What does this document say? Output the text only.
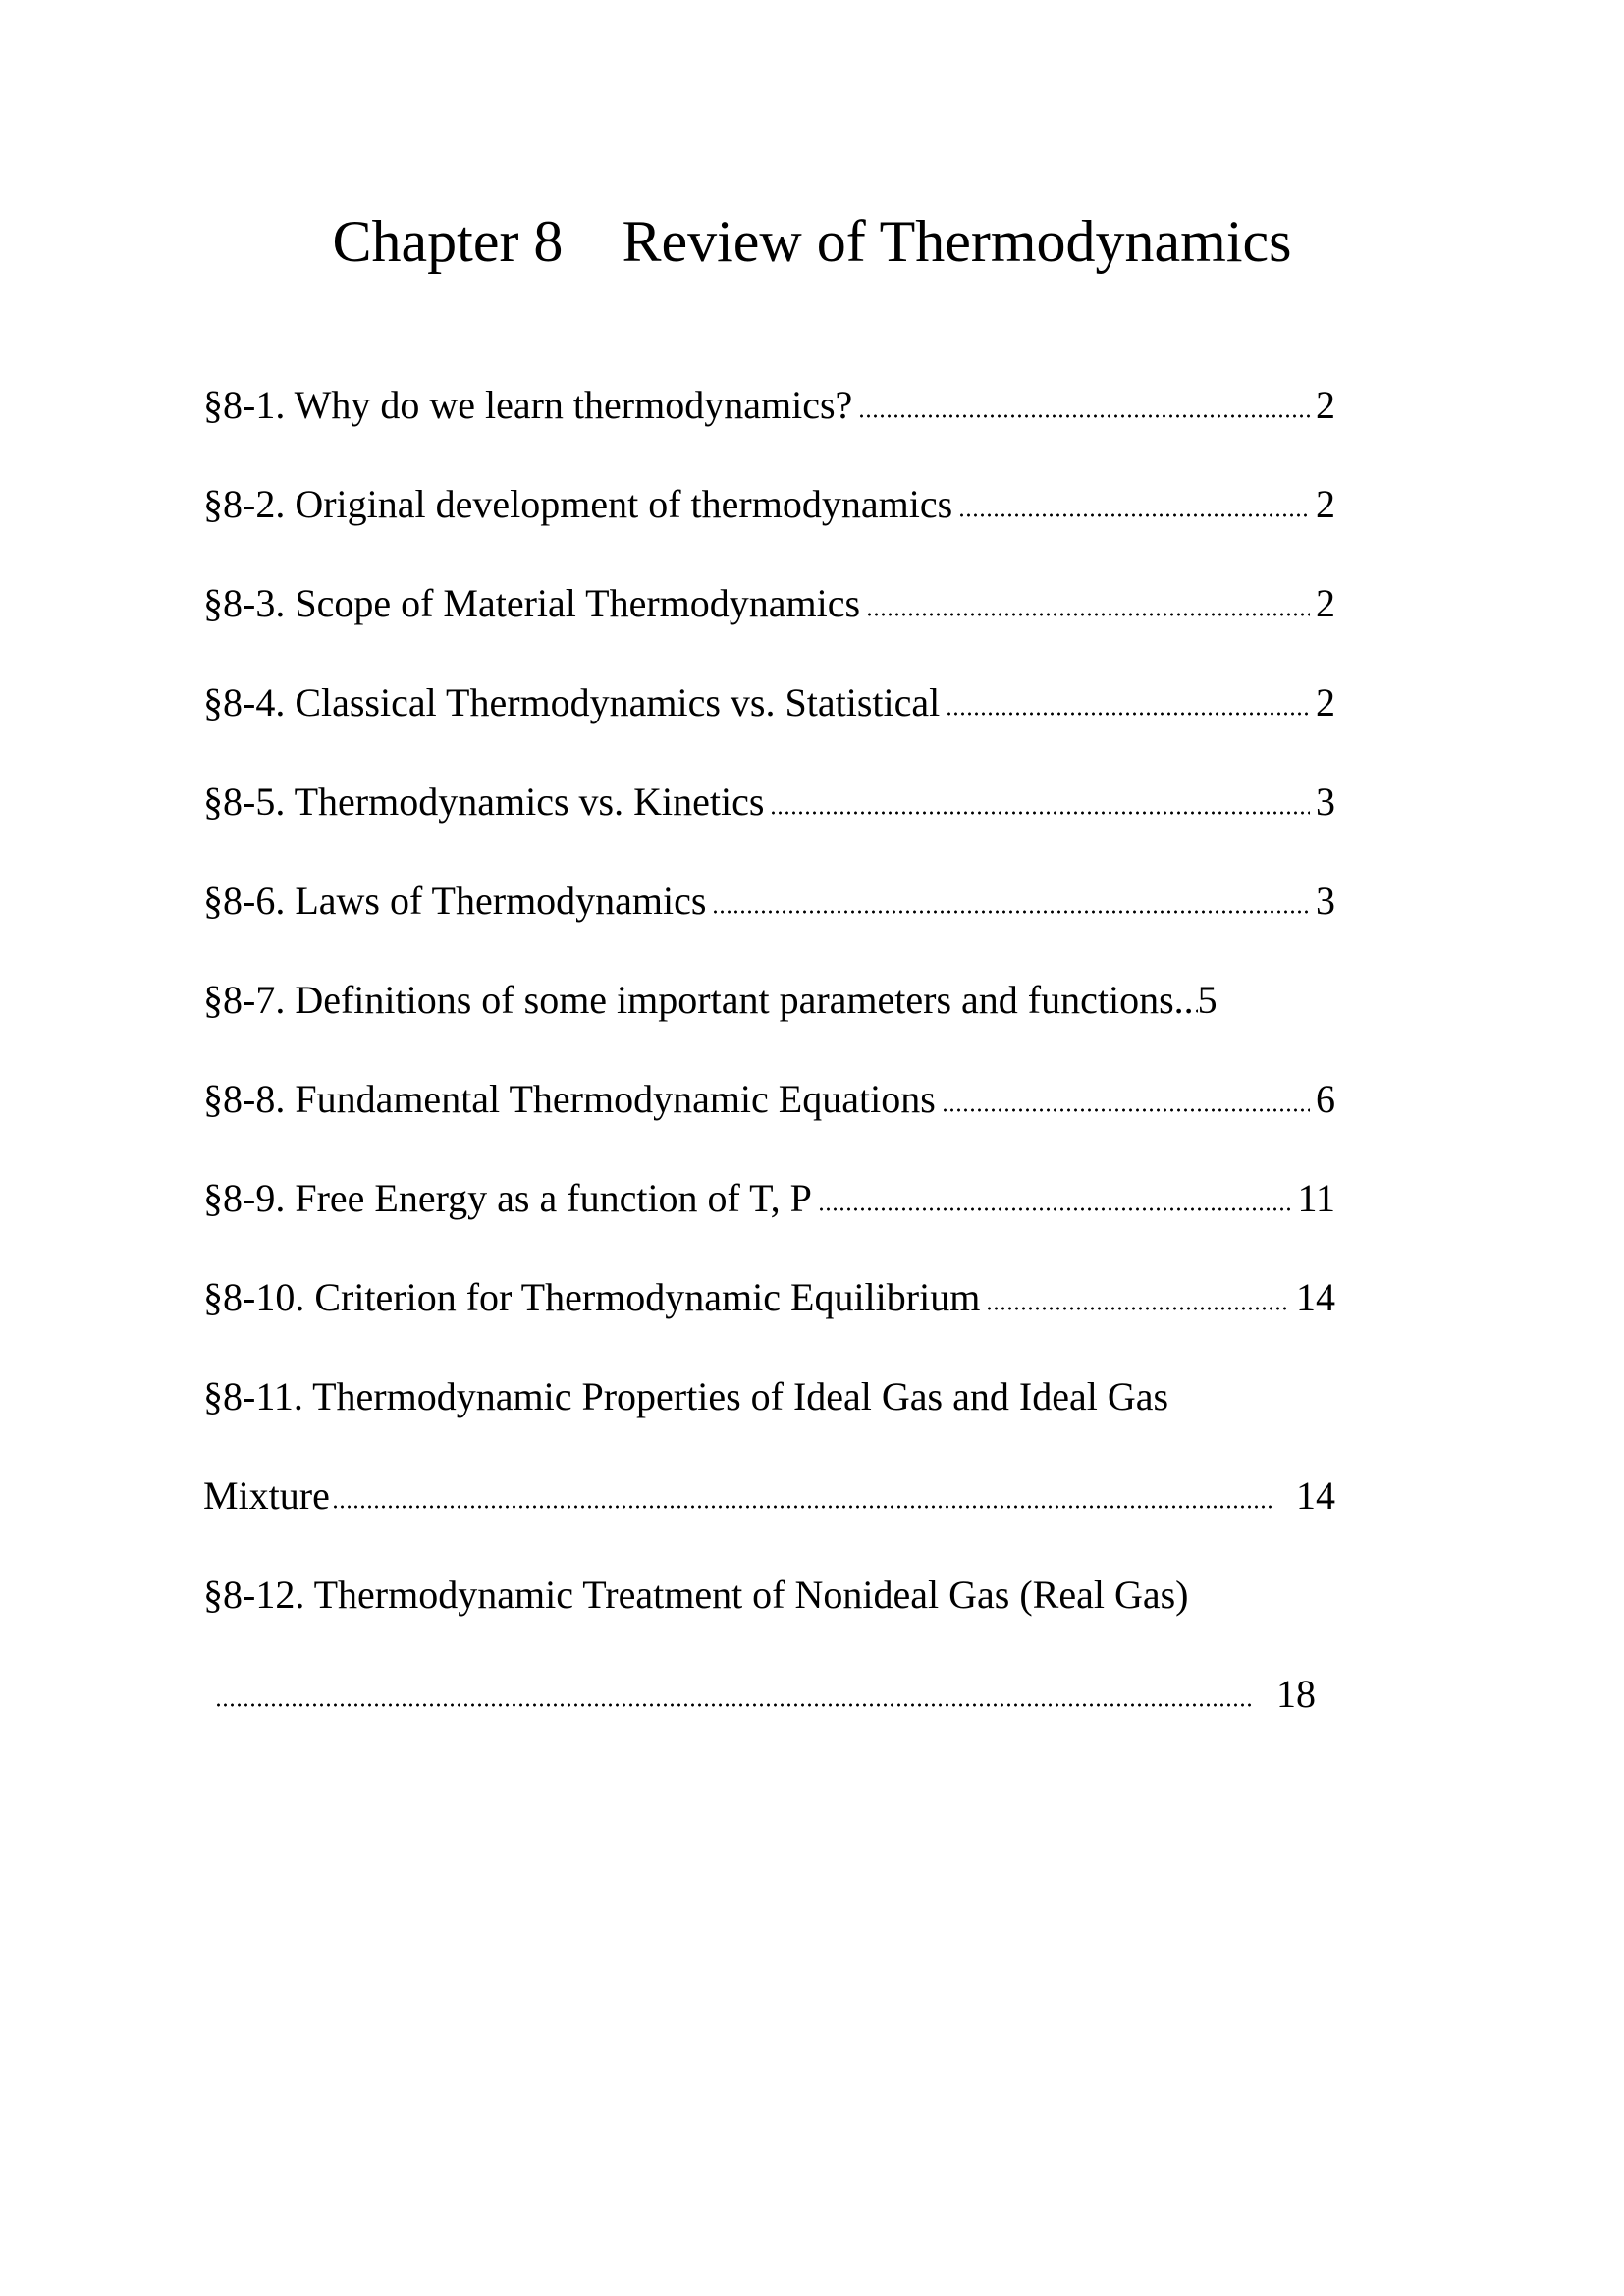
Chapter 8 Review of Thermodynamics
§8-1. Why do we learn thermodynamics?	2
§8-2. Original development of thermodynamics	2
§8-3. Scope of Material Thermodynamics	2
§8-4. Classical Thermodynamics vs. Statistical	2
§8-5. Thermodynamics vs. Kinetics	3
§8-6. Laws of Thermodynamics	3
§8-7. Definitions of some important parameters and functions.. 5
§8-8. Fundamental Thermodynamic Equations	6
§8-9. Free Energy as a function of T, P	11
§8-10. Criterion for Thermodynamic Equilibrium	14
§8-11. Thermodynamic Properties of Ideal Gas and Ideal Gas
Mixture	14
§8-12. Thermodynamic Treatment of Nonideal Gas (Real Gas)
18
